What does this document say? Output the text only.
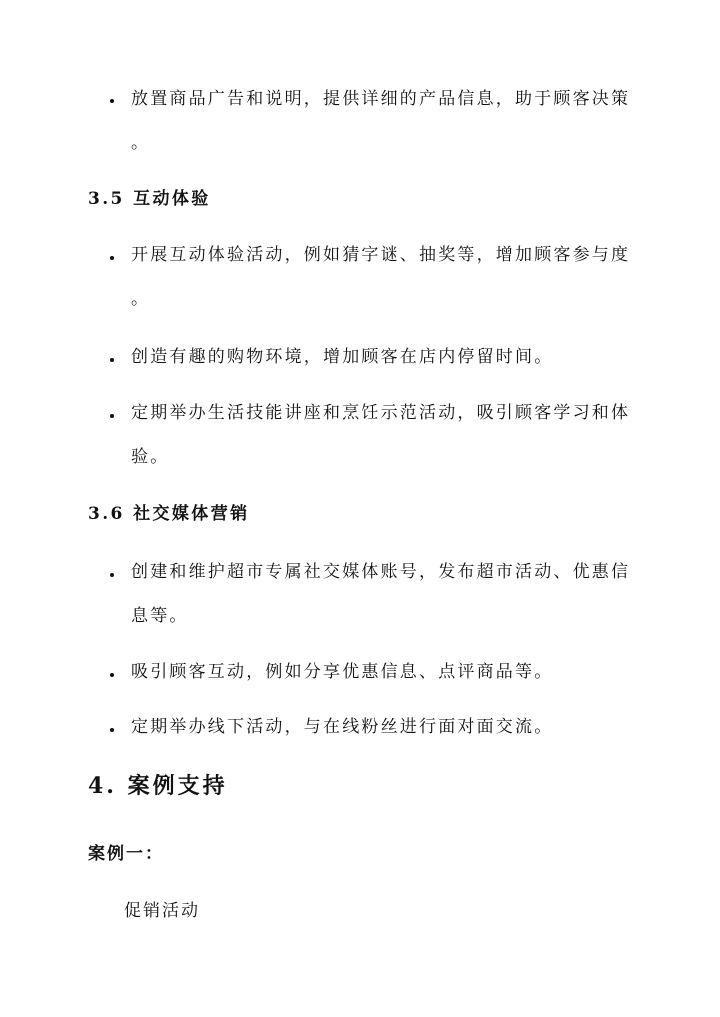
放置商品广告和说明，提供详细的产品信息，助于顾客决策
。
3.5 互动体验
开展互动体验活动，例如猜字谜、抽奖等，增加顾客参与度
。
创造有趣的购物环境，增加顾客在店内停留时间。
定期举办生活技能讲座和烹饪示范活动，吸引顾客学习和体
验。
3.6 社交媒体营销
创建和维护超市专属社交媒体账号，发布超市活动、优惠信
息等。
吸引顾客互动，例如分享优惠信息、点评商品等。
定期举办线下活动，与在线粉丝进行面对面交流。
4. 案例支持
案例一：
促销活动
